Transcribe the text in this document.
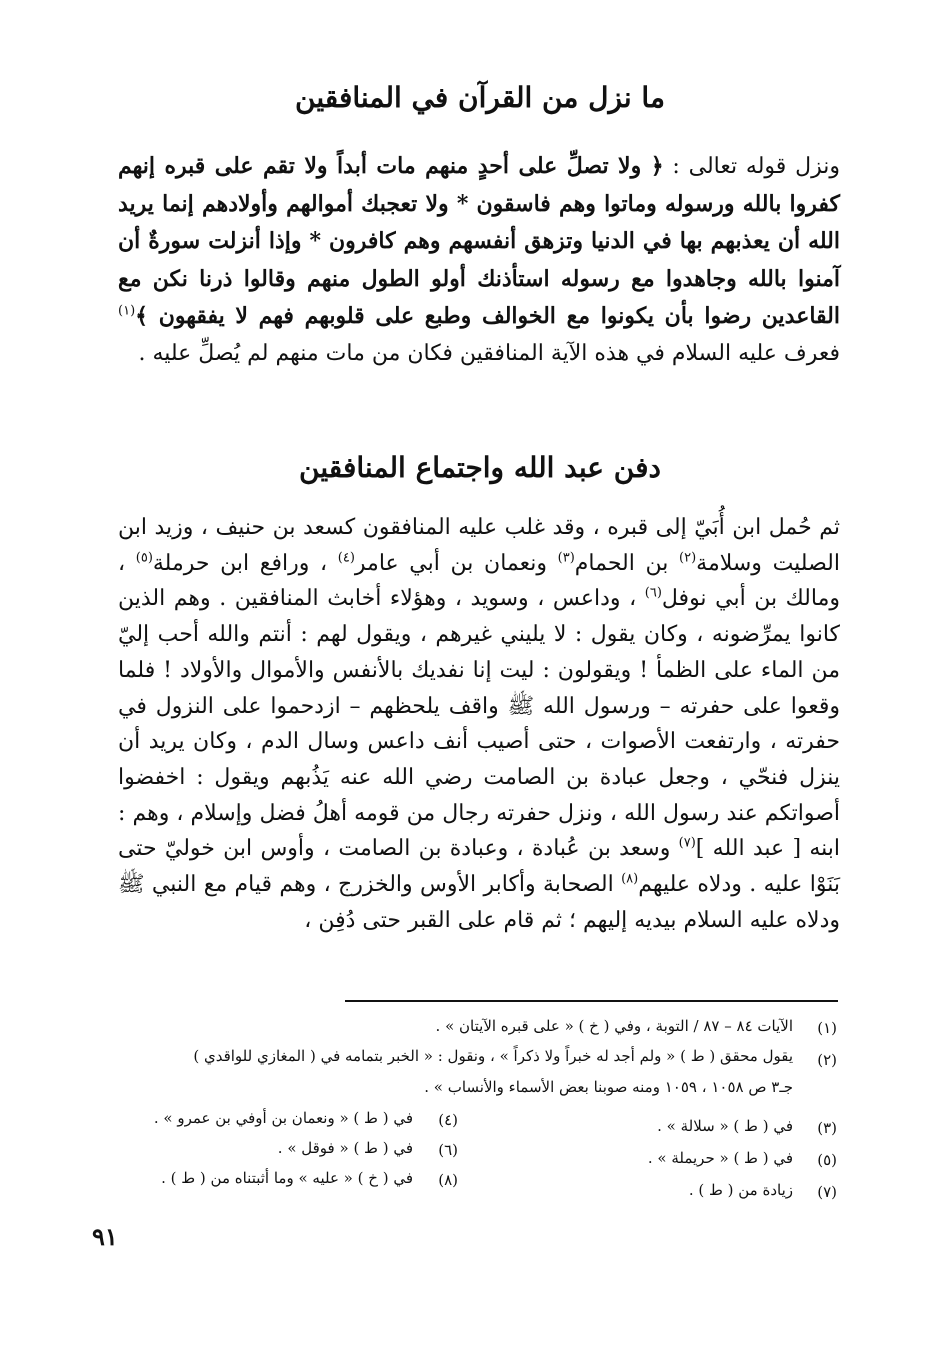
ما نزل من القرآن في المنافقين
ونزل قوله تعالى : ﴿ ولا تصلِّ على أحدٍ منهم مات أبداً ولا تقم على قبره إنهم كفروا بالله ورسوله وماتوا وهم فاسقون * ولا تعجبك أموالهم وأولادهم إنما يريد الله أن يعذبهم بها في الدنيا وتزهق أنفسهم وهم كافرون * وإذا أنزلت سورةٌ أن آمنوا بالله وجاهدوا مع رسوله استأذنك أولو الطول منهم وقالوا ذرنا نكن مع القاعدين رضوا بأن يكونوا مع الخوالف وطبع على قلوبهم فهم لا يفقهون ﴾$^{(١)}$ فعرف عليه السلام في هذه الآية المنافقين فكان من مات منهم لم يُصلِّ عليه .
دفن عبد الله واجتماع المنافقين
ثم حُمل ابن أُبَيّ إلى قبره ، وقد غلب عليه المنافقون كسعد بن حنيف ، وزيد ابن الصليت وسلامة$^{(٢)}$ بن الحمام$^{(٣)}$ ونعمان بن أبي عامر$^{(٤)}$ ، ورافع ابن حرملة$^{(٥)}$ ، ومالك بن أبي نوفل$^{(٦)}$ ، وداعس ، وسويد ، وهؤلاء أخابث المنافقين . وهم الذين كانوا يمرِّضونه ، وكان يقول : لا يليني غيرهم ، ويقول لهم : أنتم والله أحب إليّ من الماء على الظمأ ! ويقولون : ليت إنا نفديك بالأنفس والأموال والأولاد ! فلما وقعوا على حفرته – ورسول الله ﷺ واقف يلحظهم – ازدحموا على النزول في حفرته ، وارتفعت الأصوات ، حتى أصيب أنف داعس وسال الدم ، وكان يريد أن ينزل فنحّي ، وجعل عبادة بن الصامت رضي الله عنه يَذُبهم ويقول : اخفضوا أصواتكم عند رسول الله ، ونزل حفرته رجال من قومه أهلُ فضل وإسلام ، وهم : ابنه [ عبد الله ]$^{(٧)}$ وسعد بن عُبادة ، وعبادة بن الصامت ، وأوس ابن خوليّ حتى بَنَوْا عليه . ودلاه عليهم$^{(٨)}$ الصحابة وأكابر الأوس والخزرج ، وهم قيام مع النبي ﷺ ودلاه عليه السلام بيديه إليهم ؛ ثم قام على القبر حتى دُفِن ،
(١)
الآيات ٨٤ – ٨٧ / التوبة ، وفي ( خ ) « على قبره الآيتان » .
(٢)
يقول محقق ( ط ) « ولم أجد له خبراً ولا ذكراً » ، ونقول : « الخبر بتمامه في ( المغازي للواقدي )
جـ٣ ص ١٠٥٨ ، ١٠٥٩ ومنه صوبنا بعض الأسماء والأنساب » .
(٣)
في ( ط ) « سلالة » .
(٤)
في ( ط ) « ونعمان بن أوفي بن عمرو » .
(٥)
في ( ط ) « حريملة » .
(٦)
في ( ط ) « فوقل » .
(٧)
زيادة من ( ط ) .
(٨)
في ( خ ) « عليه » وما أثبتناه من ( ط ) .
٩١
